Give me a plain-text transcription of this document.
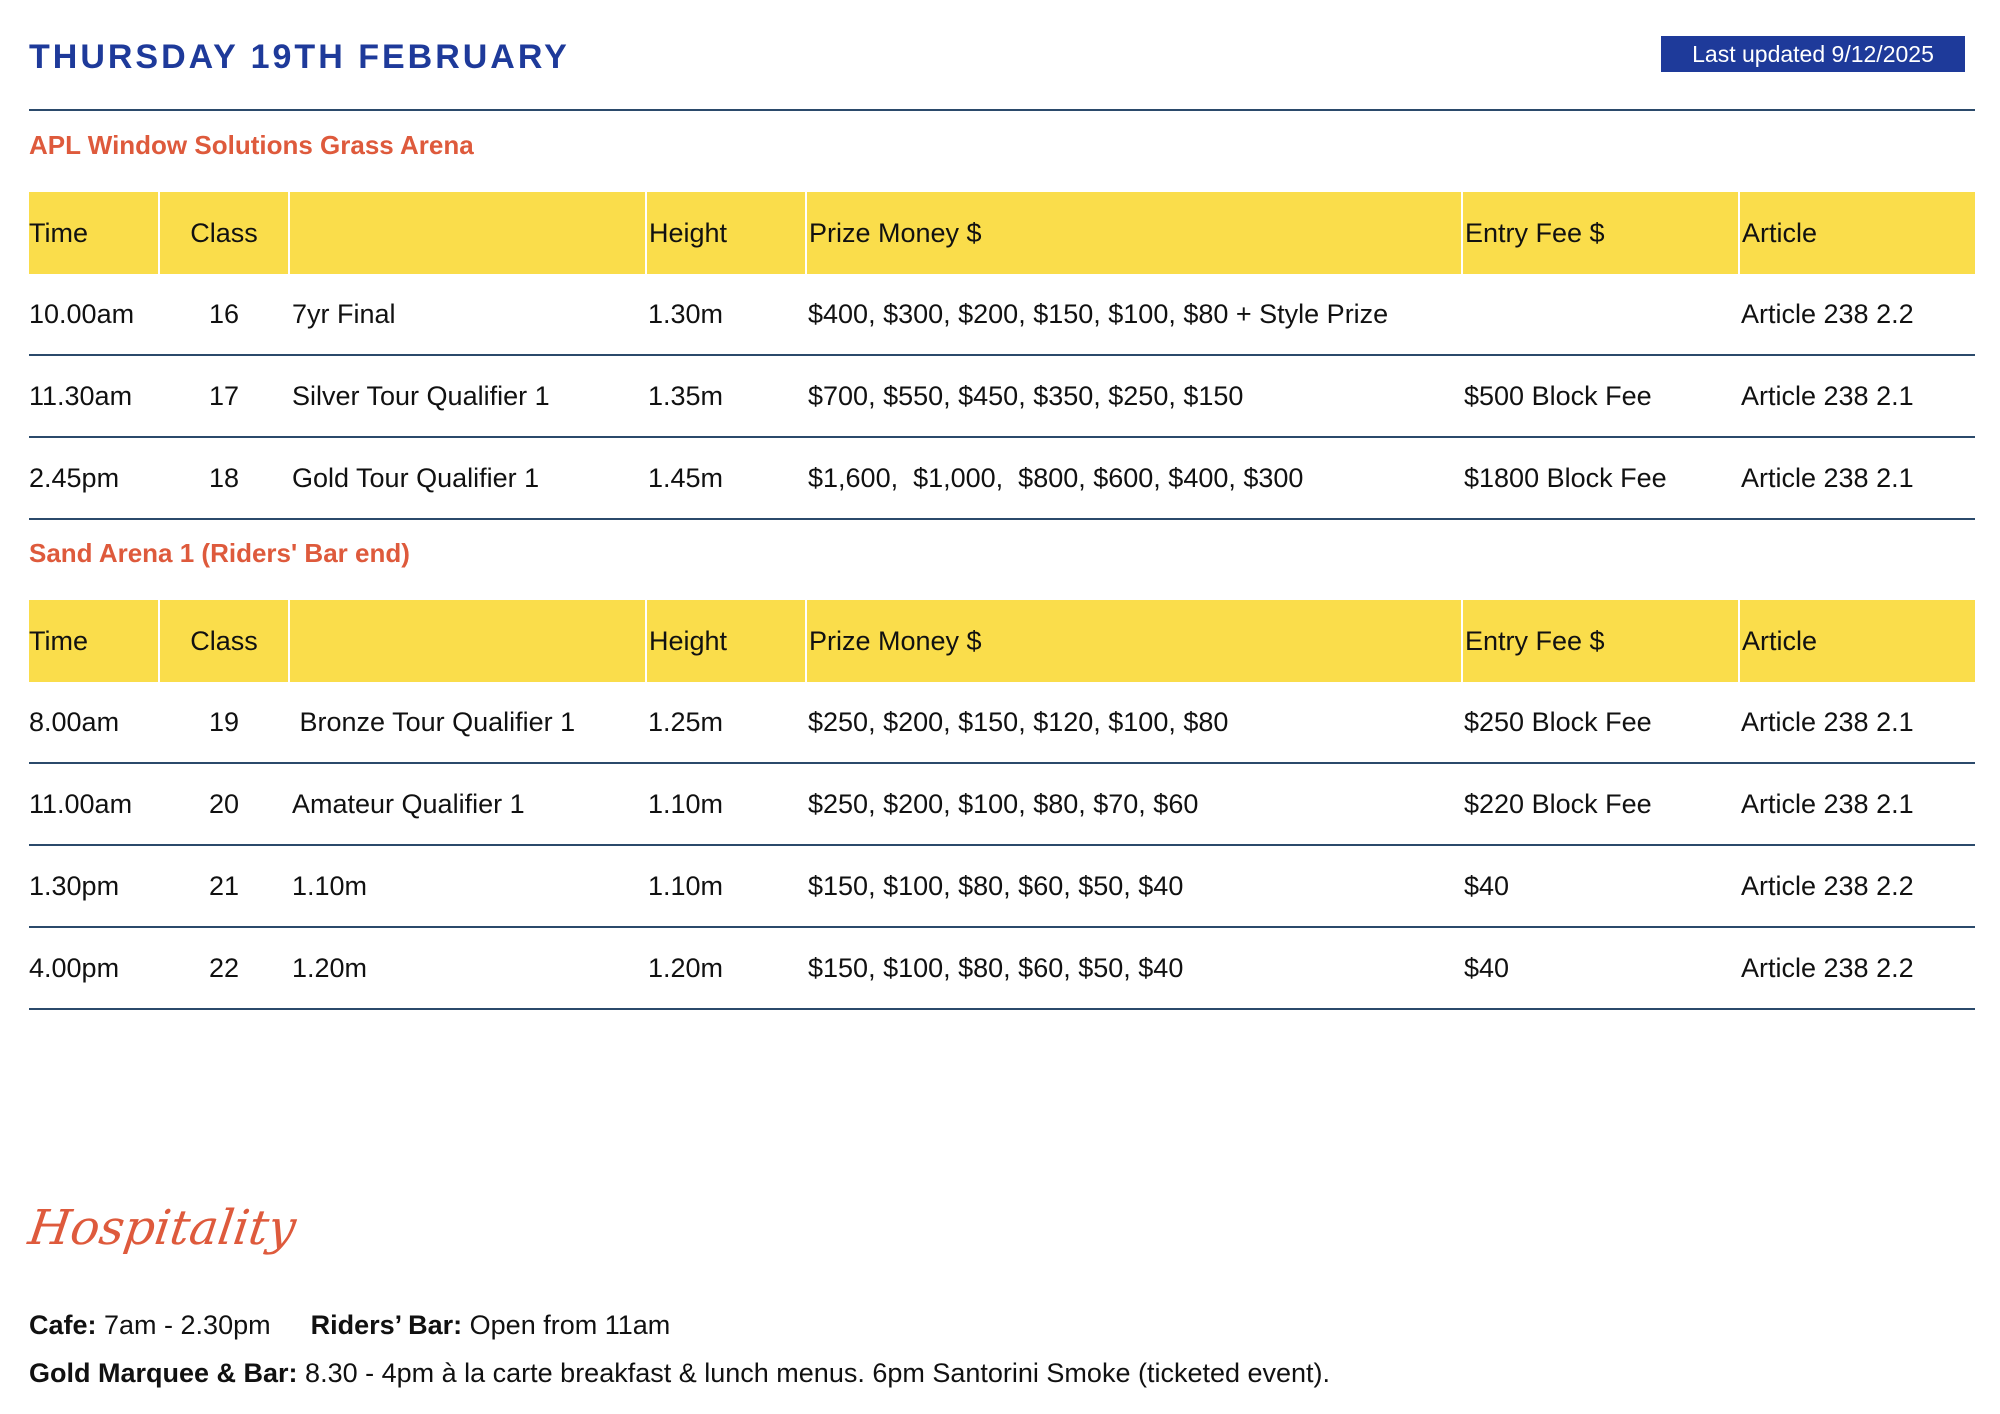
THURSDAY 19TH FEBRUARY	Last updated 9/12/2025
APL Window Solutions Grass Arena
Time	Class		Height	Prize Money $	Entry Fee $	Article
10.00am	16	7yr Final	1.30m	$400, $300, $200, $150, $100, $80 + Style Prize		Article 238 2.2
11.30am	17	Silver Tour Qualifier 1	1.35m	$700, $550, $450, $350, $250, $150	$500 Block Fee	Article 238 2.1
2.45pm	18	Gold Tour Qualifier 1	1.45m	$1,600,  $1,000,  $800, $600, $400, $300	$1800 Block Fee	Article 238 2.1
Sand Arena 1 (Riders' Bar end)
Time	Class		Height	Prize Money $	Entry Fee $	Article
8.00am	19	Bronze Tour Qualifier 1	1.25m	$250, $200, $150, $120, $100, $80	$250 Block Fee	Article 238 2.1
11.00am	20	Amateur Qualifier 1	1.10m	$250, $200, $100, $80, $70, $60	$220 Block Fee	Article 238 2.1
1.30pm	21	1.10m	1.10m	$150, $100, $80, $60, $50, $40	$40	Article 238 2.2
4.00pm	22	1.20m	1.20m	$150, $100, $80, $60, $50, $40	$40	Article 238 2.2
Hospitality
Cafe: 7am - 2.30pm Riders’ Bar: Open from 11am
Gold Marquee & Bar: 8.30 - 4pm à la carte breakfast & lunch menus. 6pm Santorini Smoke (ticketed event).
